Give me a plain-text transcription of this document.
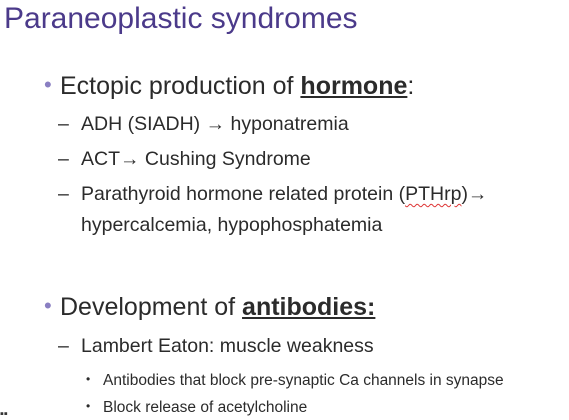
Paraneoplastic syndromes
• Ectopic production of hormone:
– ADH (SIADH) → hyponatremia
– ACT→ Cushing Syndrome
– Parathyroid hormone related protein (PTHrp)→
hypercalcemia, hypophosphatemia
• Development of antibodies:
– Lambert Eaton: muscle weakness
• Antibodies that block pre-synaptic Ca channels in synapse
• Block release of acetylcholine
▪▪
